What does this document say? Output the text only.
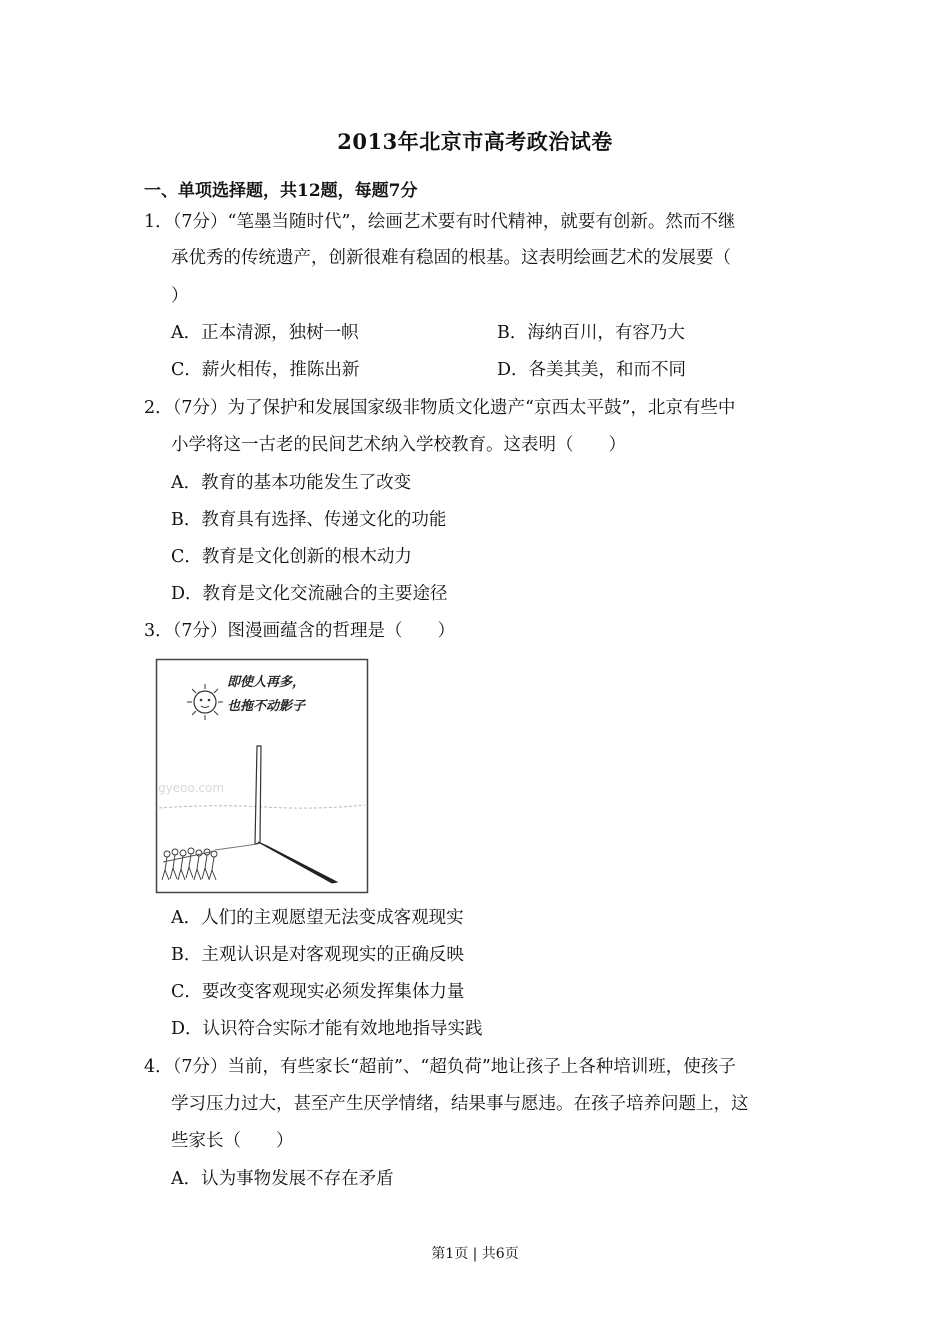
2013年北京市高考政治试卷
一、单项选择题，共12题，每题7分
1．（7分）“笔墨当随时代”，绘画艺术要有时代精神，就要有创新。然而不继
承优秀的传统遗产，创新很难有稳固的根基。这表明绘画艺术的发展要（
）
A．正本清源，独树一帜	B．海纳百川，有容乃大
C．薪火相传，推陈出新	D．各美其美，和而不同
2．（7分）为了保护和发展国家级非物质文化遗产“京西太平鼓”，北京有些中
小学将这一古老的民间艺术纳入学校教育。这表明（　　）
A．教育的基本功能发生了改变
B．教育具有选择、传递文化的功能
C．教育是文化创新的根木动力
D．教育是文化交流融合的主要途径
3．（7分）图漫画蕴含的哲理是（　　）
即使人再多，
也拖不动影子
gyeoo.com
A．人们的主观愿望无法变成客观现实
B．主观认识是对客观现实的正确反映
C．要改变客观现实必须发挥集体力量
D．认识符合实际才能有效地地指导实践
4．（7分）当前，有些家长“超前”、“超负荷”地让孩子上各种培训班，使孩子
学习压力过大，甚至产生厌学情绪，结果事与愿违。在孩子培养问题上，这
些家长（　　）
A．认为事物发展不存在矛盾
第1页 | 共6页
